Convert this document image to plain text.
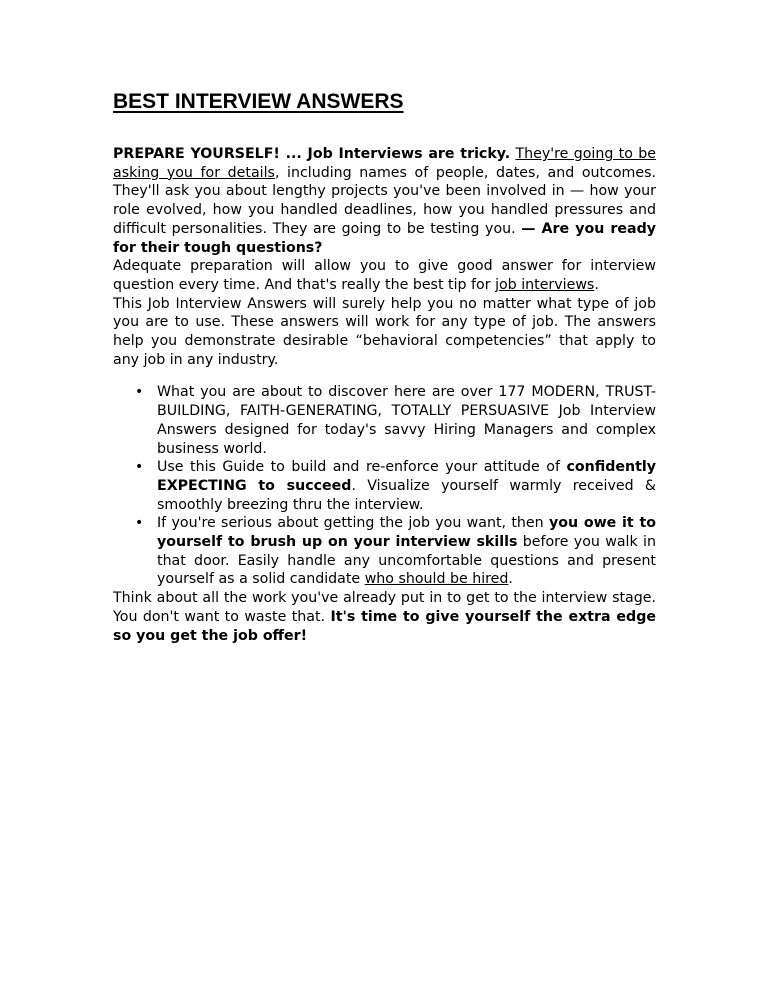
BEST INTERVIEW ANSWERS

PREPARE YOURSELF! ... Job Interviews are tricky. They're going to be asking you for details, including names of people, dates, and outcomes. They'll ask you about lengthy projects you've been involved in — how your role evolved, how you handled deadlines, how you handled pressures and difficult personalities. They are going to be testing you. — Are you ready for their tough questions?
Adequate preparation will allow you to give good answer for interview question every time. And that's really the best tip for job interviews.
This Job Interview Answers will surely help you no matter what type of job you are to use. These answers will work for any type of job. The answers help you demonstrate desirable “behavioral competencies” that apply to any job in any industry.

• What you are about to discover here are over 177 MODERN, TRUST-BUILDING, FAITH-GENERATING, TOTALLY PERSUASIVE Job Interview Answers designed for today's savvy Hiring Managers and complex business world.
• Use this Guide to build and re-enforce your attitude of confidently EXPECTING to succeed. Visualize yourself warmly received & smoothly breezing thru the interview.
• If you're serious about getting the job you want, then you owe it to yourself to brush up on your interview skills before you walk in that door. Easily handle any uncomfortable questions and present yourself as a solid candidate who should be hired.

Think about all the work you've already put in to get to the interview stage. You don't want to waste that. It's time to give yourself the extra edge so you get the job offer!
